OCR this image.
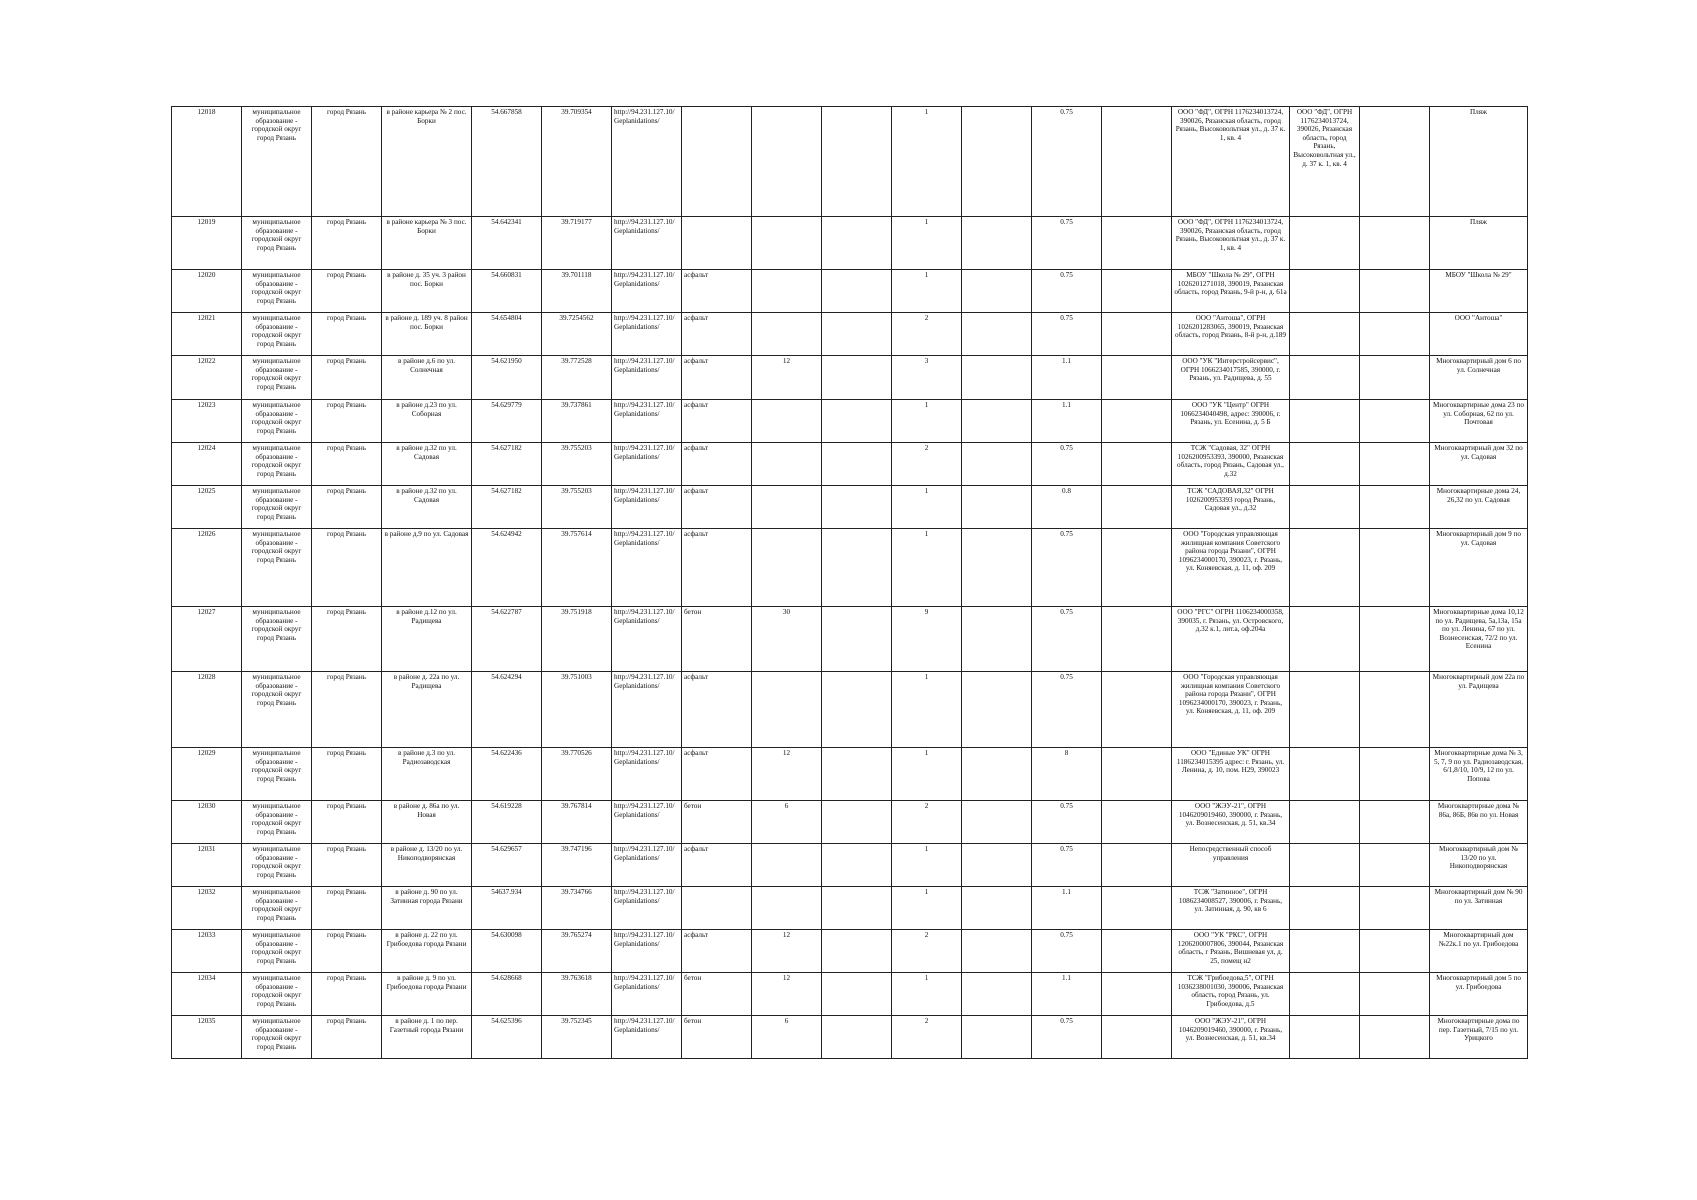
12018	муниципальное образование - городской округ город Рязань	город Рязань	в районе карьера № 2 пос. Борки	54.667858	39.709354	http://94.231.127.10/Geplanidations/				1		0.75		ООО "ФД", ОГРН 1176234013724, 390026, Рязанская область, город Рязань, Высоковольтная ул., д. 37 к. 1, кв. 4	ООО "ФД", ОГРН 1176234013724, 390026, Рязанская область, город Рязань, Высоковольтная ул., д. 37 к. 1, кв. 4		Пляж
12019	муниципальное образование - городской округ город Рязань	город Рязань	в районе карьера № 3 пос. Борки	54.642341	39.719177	http://94.231.127.10/Geplanidations/				1		0.75		ООО "ФД", ОГРН 1176234013724, 390026, Рязанская область, город Рязань, Высоковольтная ул., д. 37 к. 1, кв. 4			Пляж
12020	муниципальное образование - городской округ город Рязань	город Рязань	в районе д. 35 уч. 3 район пос. Борки	54.660831	39.701118	http://94.231.127.10/Geplanidations/	асфальт			1		0.75		МБОУ "Школа № 29", ОГРН 1026201271018, 390019, Рязанская область, город Рязань, 9-й р-н, д. 61а			МБОУ "Школа № 29"
12021	муниципальное образование - городской округ город Рязань	город Рязань	в районе д. 189 уч. 8 район пос. Борки	54.654804	39.7254562	http://94.231.127.10/Geplanidations/	асфальт			2		0.75		ООО "Антоша", ОГРН 1026201283065, 390019, Рязанская область, город Рязань, 8-й р-н, д.189			ООО "Антоша"
12022	муниципальное образование - городской округ город Рязань	город Рязань	в районе д.6 по ул. Солнечная	54.621950	39.772528	http://94.231.127.10/Geplanidations/	асфальт	12		3		1.1		ООО "УК "Интерстройсервис", ОГРН 1066234017585, 390000, г. Рязань, ул. Радищева, д. 55			Многоквартирный дом 6 по ул. Солнечная
12023	муниципальное образование - городской округ город Рязань	город Рязань	в районе д.23 по ул. Соборная	54.629779	39.737861	http://94.231.127.10/Geplanidations/	асфальт			1		1.1		ООО "УК "Центр" ОГРН 1066234040498, адрес: 390006, г. Рязань, ул. Есенина, д. 5 Б			Многоквартирные дома 23 по ул. Соборная, 62 по ул. Почтовая
12024	муниципальное образование - городской округ город Рязань	город Рязань	в районе д.32 по ул. Садовая	54.627182	39.755203	http://94.231.127.10/Geplanidations/	асфальт			2		0.75		ТСЖ "Садовая, 32" ОГРН 1026200953393, 390000, Рязанская область, город Рязань, Садовая ул., д.32			Многоквартирный дом 32 по ул. Садовая
12025	муниципальное образование - городской округ город Рязань	город Рязань	в районе д.32 по ул. Садовая	54.627182	39.755203	http://94.231.127.10/Geplanidations/	асфальт			1		0.8		ТСЖ "САДОВАЯ,32" ОГРН 1026200953393 город Рязань, Садовая ул., д.32			Многоквартирные дома 24, 26,32 по ул. Садовая
12026	муниципальное образование - городской округ город Рязань	город Рязань	в районе д.9 по ул. Садовая	54.624942	39.757614	http://94.231.127.10/Geplanidations/	асфальт			1		0.75		ООО "Городская управляющая жилищная компания Советского района города Рязани", ОГРН 1096234000170, 390023, г. Рязань, ул. Коняевская, д. 11, оф. 209			Многоквартирный дом 9 по ул. Садовая
12027	муниципальное образование - городской округ город Рязань	город Рязань	в районе д.12 по ул. Радищева	54.622787	39.751918	http://94.231.127.10/Geplanidations/	бетон	30		9		0.75		ООО "РГС" ОГРН 1106234000358, 390035, г. Рязань, ул. Островского, д.32 к.1, лит.а, оф.204а			Многоквартирные дома 10,12 по ул. Радищева, 5а,13а, 15а по ул. Ленина, 67 по ул. Вознесенская, 72/2 по ул. Есенина
12028	муниципальное образование - городской округ город Рязань	город Рязань	в районе д. 22а по ул. Радищева	54.624294	39.751003	http://94.231.127.10/Geplanidations/	асфальт			1		0.75		ООО "Городская управляющая жилищная компания Советского района города Рязани", ОГРН 1096234000170, 390023, г. Рязань, ул. Коняевская, д. 11, оф. 209			Многоквартирный дом 22а по ул. Радищева
12029	муниципальное образование - городской округ город Рязань	город Рязань	в районе д.3 по ул. Радиозаводская	54.622436	39.770526	http://94.231.127.10/Geplanidations/	асфальт	12		1		8		ООО "Единые УК" ОГРН 1186234015395 адрес: г. Рязань, ул. Ленина, д. 10, пом. Н29, 390023			Многоквартирные дома № 3, 5, 7, 9 по ул. Радиозаводская, 6/1,8/10, 10/9, 12 по ул. Попова
12030	муниципальное образование - городской округ город Рязань	город Рязань	в районе д. 86а по ул. Новая	54.619228	39.767814	http://94.231.127.10/Geplanidations/	бетон	6		2		0.75		ООО "ЖЭУ-21", ОГРН 1046209019460, 390000, г. Рязань, ул. Вознесенская, д. 51, кв.34			Многоквартирные дома № 86а, 86Б, 86в по ул. Новая
12031	муниципальное образование - городской округ город Рязань	город Рязань	в районе д. 13/20 по ул. Никоподворянская	54.629657	39.747196	http://94.231.127.10/Geplanidations/	асфальт			1		0.75		Непосредственный способ управления			Многоквартирный дом № 13/20 по ул. Никоподворянская
12032	муниципальное образование - городской округ город Рязань	город Рязань	в районе д. 90 по ул. Затинная города Рязани	54637.934	39.734766	http://94.231.127.10/Geplanidations/				1		1.1		ТСЖ "Затинное", ОГРН 1086234008527, 390006, г. Рязань, ул. Затинная, д. 90, кв 6			Многоквартирный дом № 90 по ул. Затинная
12033	муниципальное образование - городской округ город Рязань	город Рязань	в районе д. 22 по ул. Грибоедова города Рязани	54.630098	39.765274	http://94.231.127.10/Geplanidations/	асфальт	12		2		0.75		ООО "УК "РКС", ОГРН 1206200007806, 390044, Рязанская область, г Рязань, Вишневая ул, д. 25, помещ н2			Многоквартирный дом №22к.1 по ул. Грибоедова
12034	муниципальное образование - городской округ город Рязань	город Рязань	в районе д. 9 по ул. Грибоедова города Рязани	54.628668	39.763618	http://94.231.127.10/Geplanidations/	бетон	12		1		1.1		ТСЖ "Грибоедова,5", ОГРН 1036238001030, 390006, Рязанская область, город Рязань, ул. Грибоедова, д.5			Многоквартирный дом 5 по ул. Грибоедова
12035	муниципальное образование - городской округ город Рязань	город Рязань	в районе д. 1 по пер. Газетный города Рязани	54.625396	39.752345	http://94.231.127.10/Geplanidations/	бетон	6		2		0.75		ООО "ЖЭУ-21", ОГРН 1046209019460, 390000, г. Рязань, ул. Вознесенская, д. 51, кв.34			Многоквартирные дома по пер. Газетный, 7/15 по ул. Урицкого
